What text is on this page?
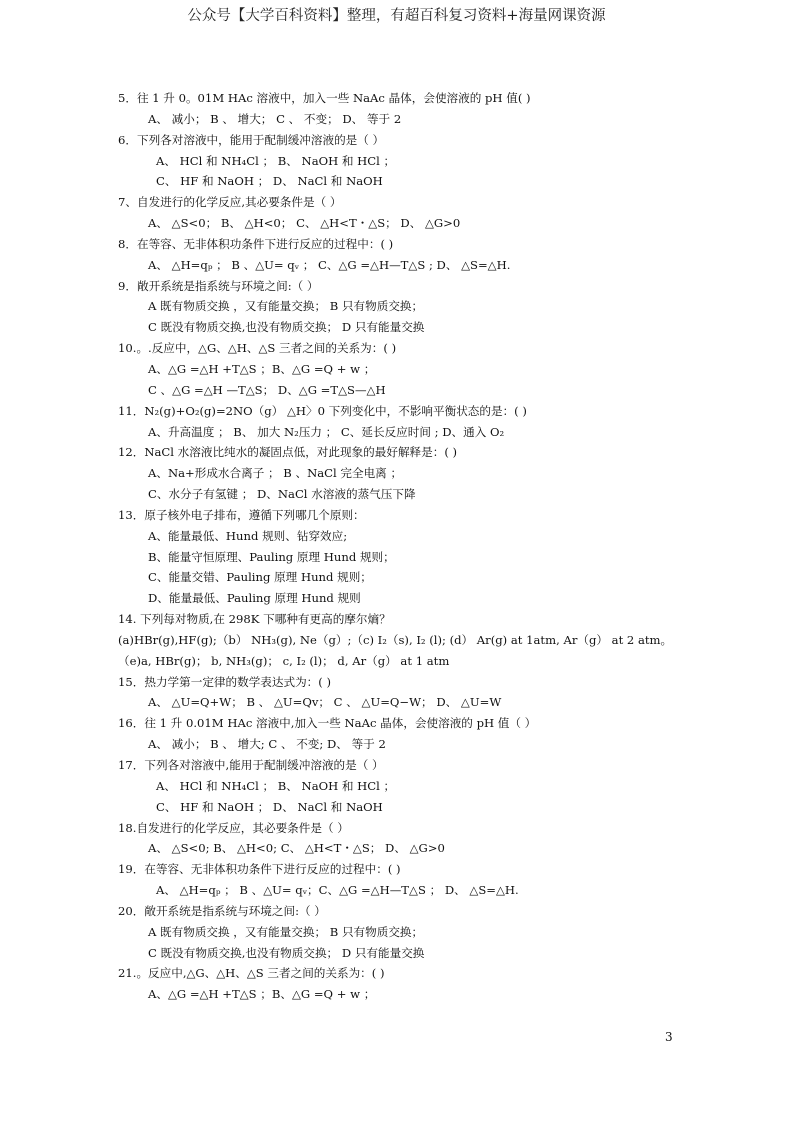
公众号【大学百科资料】整理，有超百科复习资料+海量网课资源
5．往 1 升 0。01M HAc 溶液中，加入一些 NaAc 晶体，会使溶液的 pH 值( )
A、 减小； B 、 增大； C 、 不变； D、 等于 2
6．下列各对溶液中，能用于配制缓冲溶液的是（ ）
A、 HCl 和 NH₄Cl ； B、 NaOH 和 HCl ；
C、 HF 和 NaOH ； D、 NaCl 和 NaOH
7、自发进行的化学反应,其必要条件是（ ）
A、 △S<0； B、 △H<0； C、 △H<T・△S； D、 △G>0
8．在等容、无非体积功条件下进行反应的过程中：( )
A、 △H=qₚ ； B 、△U= qᵥ ； C、△G =△H—T△S ; D、 △S=△H.
9．敞开系统是指系统与环境之间:（ ）
A 既有物质交换 ，又有能量交换； B 只有物质交换；
C 既没有物质交换,也没有物质交换； D 只有能量交换
10.。.反应中，△G、△H、△S 三者之间的关系为：( )
A、△G =△H +T△S ；B、△G =Q + w ；
C 、△G =△H —T△S； D、△G =T△S—△H
11．N₂(g)+O₂(g)=2NO（g） △H〉0 下列变化中，不影响平衡状态的是：( )
A、升高温度 ； B、 加大 N₂压力 ； C、延长反应时间 ; D、通入 O₂
12．NaCl 水溶液比纯水的凝固点低，对此现象的最好解释是：( )
A、Na+形成水合离子 ； B 、NaCl 完全电离 ；
C、水分子有氢键 ； D、NaCl 水溶液的蒸气压下降
13．原子核外电子排布，遵循下列哪几个原则：
A、能量最低、Hund 规则、钻穿效应;
B、能量守恒原理、Pauling 原理 Hund 规则；
C、能量交错、Pauling 原理 Hund 规则；
D、能量最低、Pauling 原理 Hund 规则
14. 下列每对物质,在 298K 下哪种有更高的摩尔熵？
(a)HBr(g),HF(g);（b） NH₃(g), Ne（g）;（c) I₂（s), I₂ (l); (d） Ar(g) at 1atm, Ar（g） at 2 atm。
（e)a, HBr(g)； b, NH₃(g)； c, I₂ (l)； d, Ar（g） at 1 atm
15．热力学第一定律的数学表达式为：( )
A、 △U=Q+W； B 、 △U=Qv； C 、 △U=Q−W； D、 △U=W
16．往 1 升 0.01M HAc 溶液中,加入一些 NaAc 晶体，会使溶液的 pH 值（ ）
A、 减小； B 、 增大; C 、 不变; D、 等于 2
17．下列各对溶液中,能用于配制缓冲溶液的是（ ）
A、 HCl 和 NH₄Cl ； B、 NaOH 和 HCl ；
C、 HF 和 NaOH ； D、 NaCl 和 NaOH
18.自发进行的化学反应，其必要条件是（ ）
A、 △S<0; B、 △H<0; C、 △H<T・△S； D、 △G>0
19．在等容、无非体积功条件下进行反应的过程中：( )
A、 △H=qₚ ； B 、△U= qᵥ；C、△G =△H—T△S ； D、 △S=△H.
20．敞开系统是指系统与环境之间:（ ）
A 既有物质交换 ，又有能量交换； B 只有物质交换；
C 既没有物质交换,也没有物质交换； D 只有能量交换
21.。反应中,△G、△H、△S 三者之间的关系为：( )
A、△G =△H +T△S ；B、△G =Q + w ；
3
